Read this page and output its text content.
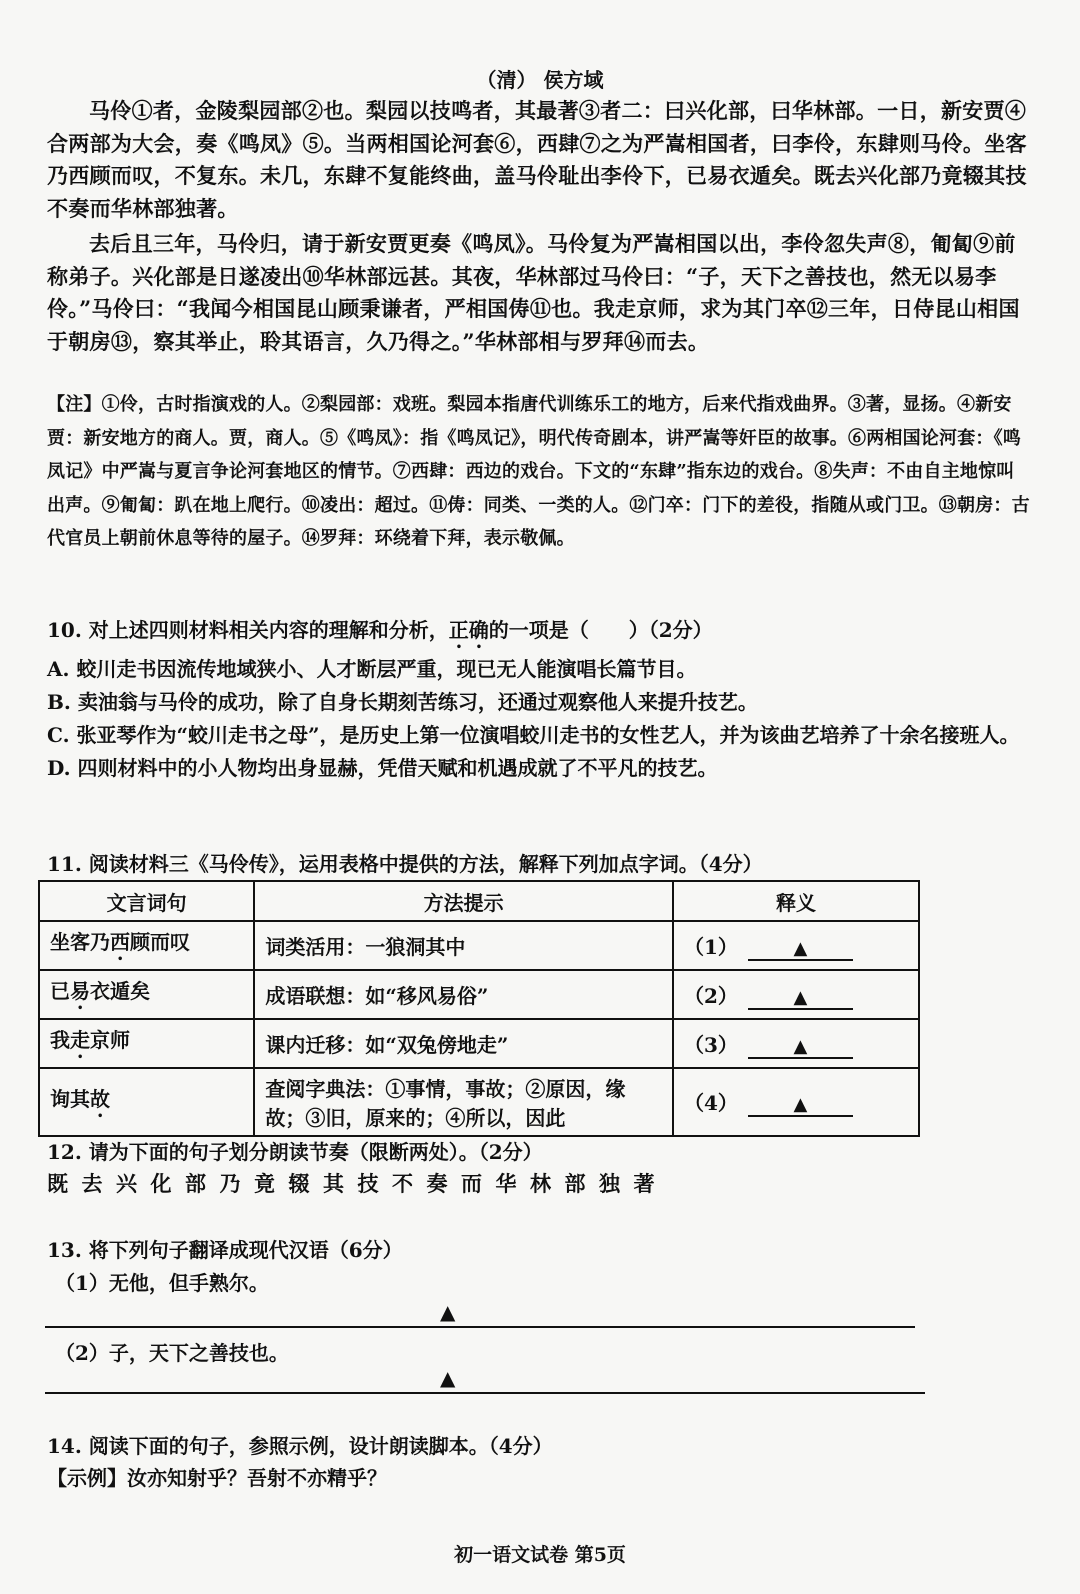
（清） 侯方域
马伶①者，金陵梨园部②也。梨园以技鸣者，其最著③者二：曰兴化部，曰华林部。一日，新安贾④合两部为大会，奏《鸣凤》⑤。当两相国论河套⑥，西肆⑦之为严嵩相国者，曰李伶，东肆则马伶。坐客乃西顾而叹，不复东。未几，东肆不复能终曲，盖马伶耻出李伶下，已易衣遁矣。既去兴化部乃竟辍其技不奏而华林部独著。
去后且三年，马伶归，请于新安贾更奏《鸣凤》。马伶复为严嵩相国以出，李伶忽失声⑧，匍匐⑨前称弟子。兴化部是日遂凌出⑩华林部远甚。其夜，华林部过马伶曰：“子，天下之善技也，然无以易李伶。”马伶曰：“我闻今相国昆山顾秉谦者，严相国俦⑪也。我走京师，求为其门卒⑫三年，日侍昆山相国于朝房⑬，察其举止，聆其语言，久乃得之。”华林部相与罗拜⑭而去。
【注】①伶，古时指演戏的人。②梨园部：戏班。梨园本指唐代训练乐工的地方，后来代指戏曲界。③著，显扬。④新安贾：新安地方的商人。贾，商人。⑤《鸣凤》：指《鸣凤记》，明代传奇剧本，讲严嵩等奸臣的故事。⑥两相国论河套：《鸣凤记》中严嵩与夏言争论河套地区的情节。⑦西肆：西边的戏台。下文的“东肆”指东边的戏台。⑧失声：不由自主地惊叫出声。⑨匍匐：趴在地上爬行。⑩凌出：超过。⑪俦：同类、一类的人。⑫门卒：门下的差役，指随从或门卫。⑬朝房：古代官员上朝前休息等待的屋子。⑭罗拜：环绕着下拜，表示敬佩。
10. 对上述四则材料相关内容的理解和分析，正确的一项是（　　）（2分）
A. 蛟川走书因流传地域狭小、人才断层严重，现已无人能演唱长篇节目。
B. 卖油翁与马伶的成功，除了自身长期刻苦练习，还通过观察他人来提升技艺。
C. 张亚琴作为“蛟川走书之母”，是历史上第一位演唱蛟川走书的女性艺人，并为该曲艺培养了十余名接班人。
D. 四则材料中的小人物均出身显赫，凭借天赋和机遇成就了不平凡的技艺。
11. 阅读材料三《马伶传》，运用表格中提供的方法，解释下列加点字词。（4分）
文言词句	方法提示	释义
坐客乃西顾而叹	词类活用：一狼洞其中	（1） ▲
已易衣遁矣	成语联想：如“移风易俗”	（2） ▲
我走京师	课内迁移：如“双兔傍地走”	（3） ▲
询其故	查阅字典法：①事情，事故；②原因，缘故；③旧，原来的；④所以，因此	（4） ▲
12. 请为下面的句子划分朗读节奏（限断两处）。（2分）
既去兴化部乃竟辍其技不奏而华林部独著
13. 将下列句子翻译成现代汉语（6分）
（1）无他，但手熟尔。
▲
（2）子，天下之善技也。
▲
14. 阅读下面的句子，参照示例，设计朗读脚本。（4分）
【示例】汝亦知射乎？吾射不亦精乎？
初一语文试卷 第5页
